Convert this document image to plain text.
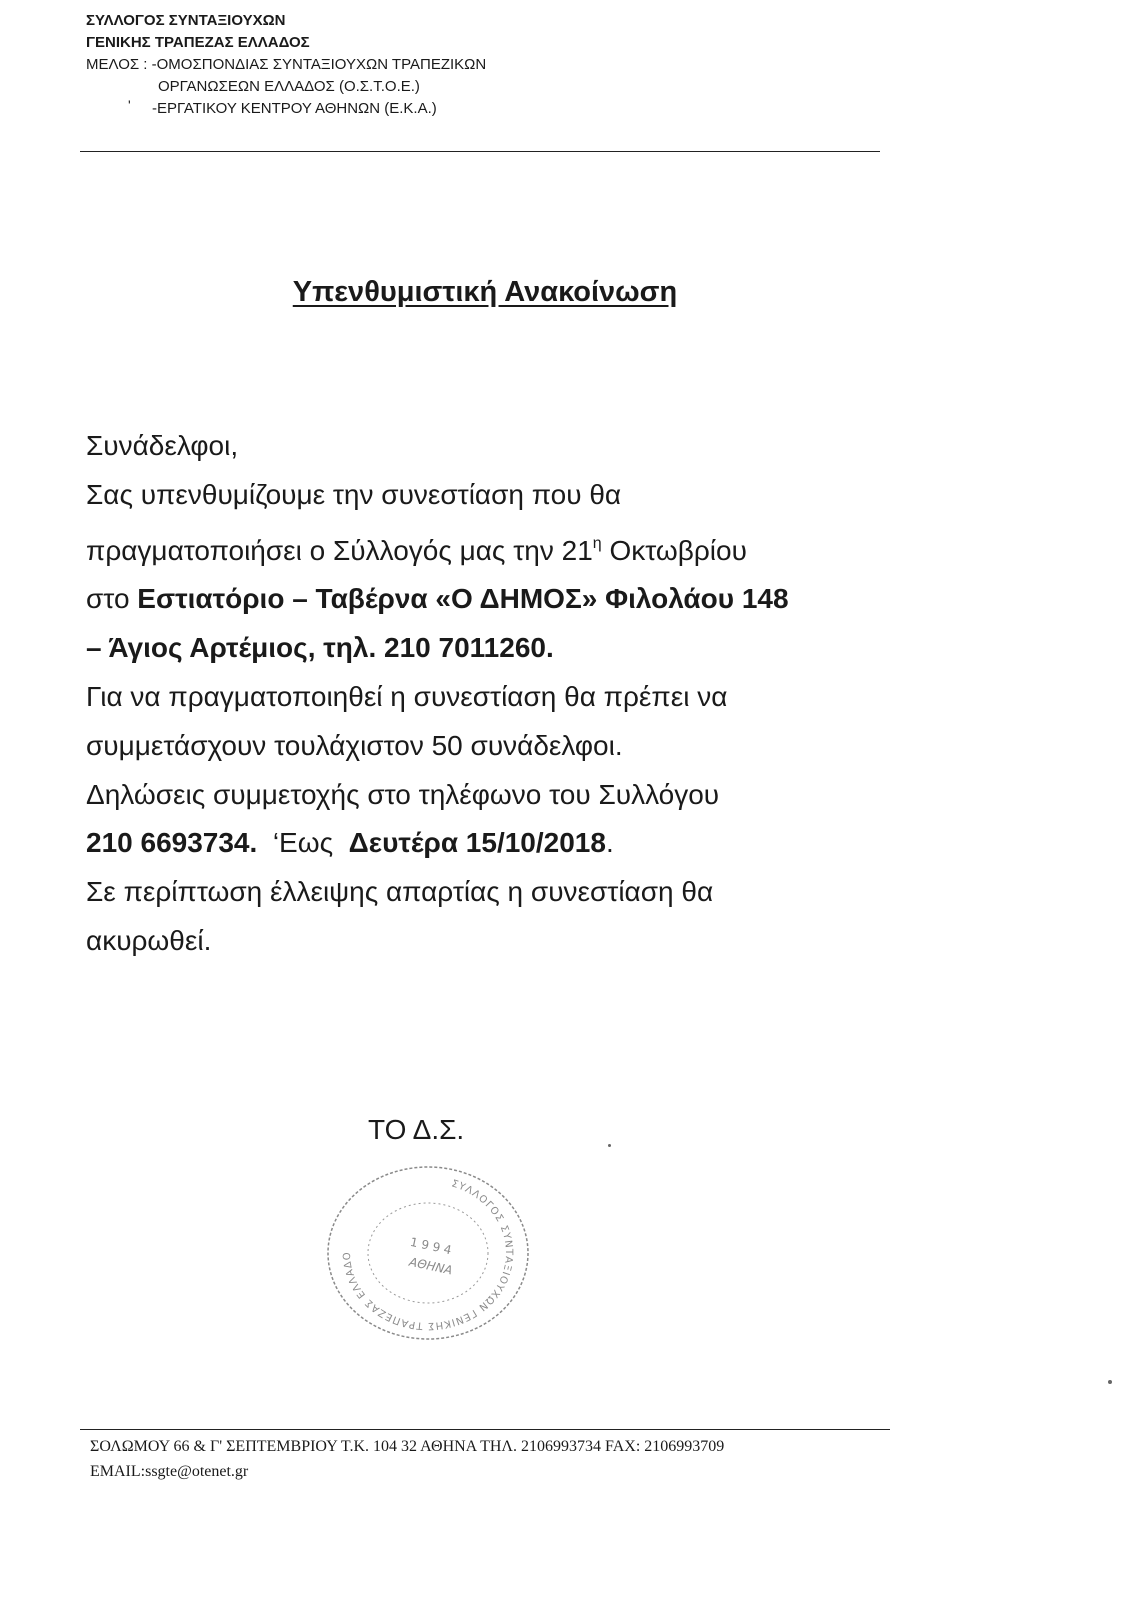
ΣΥΛΛΟΓΟΣ ΣΥΝΤΑΞΙΟΥΧΩΝ
ΓΕΝΙΚΗΣ ΤΡΑΠΕΖΑΣ ΕΛΛΑΔΟΣ
ΜΕΛΟΣ : -ΟΜΟΣΠΟΝΔΙΑΣ ΣΥΝΤΑΞΙΟΥΧΩΝ ΤΡΑΠΕΖΙΚΩΝ
ΟΡΓΑΝΩΣΕΩΝ ΕΛΛΑΔΟΣ (Ο.Σ.Τ.Ο.Ε.)
-ΕΡΓΑΤΙΚΟΥ ΚΕΝΤΡΟΥ ΑΘΗΝΩΝ (Ε.Κ.Α.)
ʹ
Υπενθυμιστική Ανακοίνωση
Συνάδελφοι,
Σας υπενθυμίζουμε την συνεστίαση που θα
πραγματοποιήσει ο Σύλλογός μας την $21^\eta$ Οκτωβρίου
στο Εστιατόριο – Ταβέρνα «Ο ΔΗΜΟΣ» Φιλολάου 148
– Άγιος Αρτέμιος, τηλ. 210 7011260.
Για να πραγματοποιηθεί η συνεστίαση θα πρέπει να
συμμετάσχουν τουλάχιστον 50 συνάδελφοι.
Δηλώσεις συμμετοχής στο τηλέφωνο του Συλλόγου
210 6693734.  ‘Εως  Δευτέρα 15/10/2018.
Σε περίπτωση έλλειψης απαρτίας η συνεστίαση θα
ακυρωθεί.
ΤΟ Δ.Σ.
ΣΥΛΛΟΓΟΣ ΣΥΝΤΑΞΙΟΥΧΩΝ ΓΕΝΙΚΗΣ ΤΡΑΠΕΖΑΣ ΕΛΛΑΔΟ	1 9 9 4
ΑΘΗΝΑ
ΣΟΛΩΜΟΥ 66 & Γ' ΣΕΠΤΕΜΒΡΙΟΥ Τ.Κ. 104 32 ΑΘΗΝΑ ΤΗΛ. 2106993734 FAX: 2106993709
EMAIL:ssgte@otenet.gr
